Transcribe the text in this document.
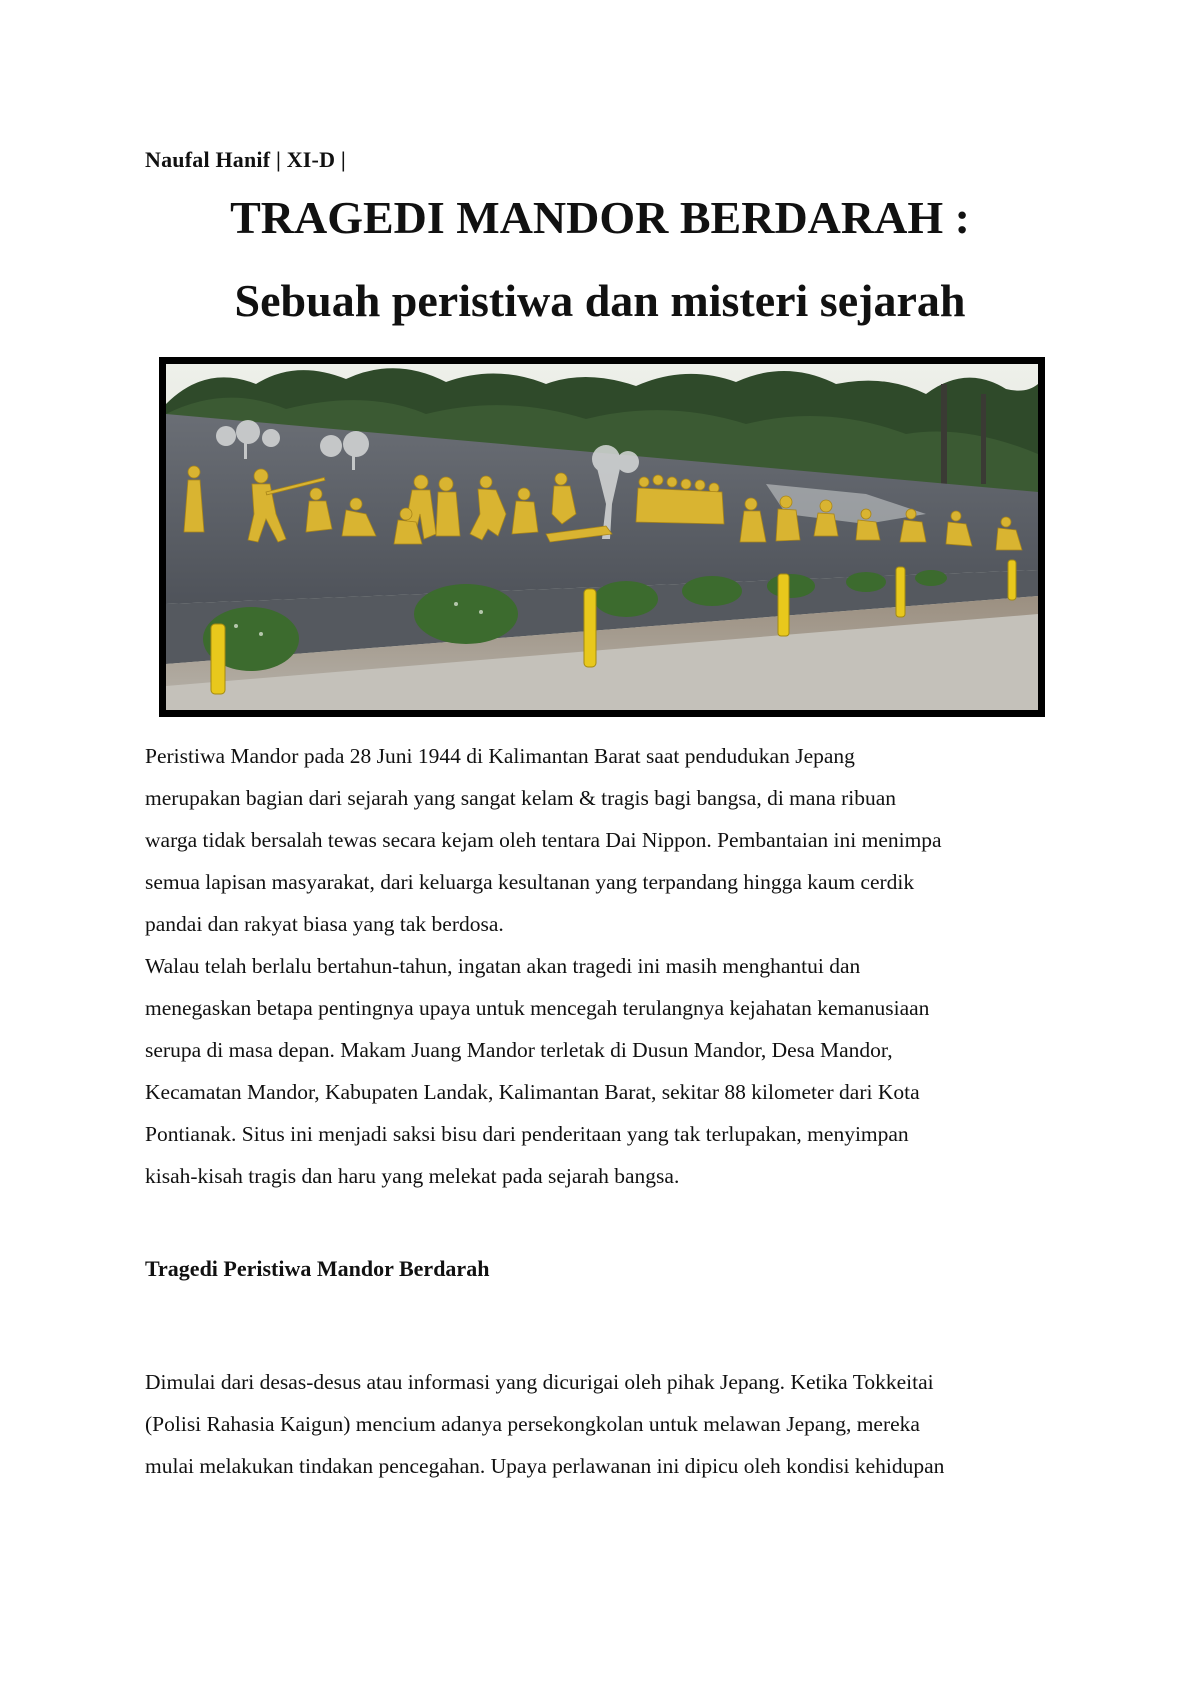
Naufal Hanif | XI-D |
TRAGEDI MANDOR BERDARAH :
Sebuah peristiwa dan misteri sejarah
Peristiwa Mandor pada 28 Juni 1944 di Kalimantan Barat saat pendudukan Jepang
merupakan bagian dari sejarah yang sangat kelam & tragis bagi bangsa, di mana ribuan
warga tidak bersalah tewas secara kejam oleh tentara Dai Nippon. Pembantaian ini menimpa
semua lapisan masyarakat, dari keluarga kesultanan yang terpandang hingga kaum cerdik
pandai dan rakyat biasa yang tak berdosa.
Walau telah berlalu bertahun-tahun, ingatan akan tragedi ini masih menghantui dan
menegaskan betapa pentingnya upaya untuk mencegah terulangnya kejahatan kemanusiaan
serupa di masa depan. Makam Juang Mandor terletak di Dusun Mandor, Desa Mandor,
Kecamatan Mandor, Kabupaten Landak, Kalimantan Barat, sekitar 88 kilometer dari Kota
Pontianak. Situs ini menjadi saksi bisu dari penderitaan yang tak terlupakan, menyimpan
kisah-kisah tragis dan haru yang melekat pada sejarah bangsa.
Tragedi Peristiwa Mandor Berdarah
Dimulai dari desas-desus atau informasi yang dicurigai oleh pihak Jepang. Ketika Tokkeitai
(Polisi Rahasia Kaigun) mencium adanya persekongkolan untuk melawan Jepang, mereka
mulai melakukan tindakan pencegahan. Upaya perlawanan ini dipicu oleh kondisi kehidupan
